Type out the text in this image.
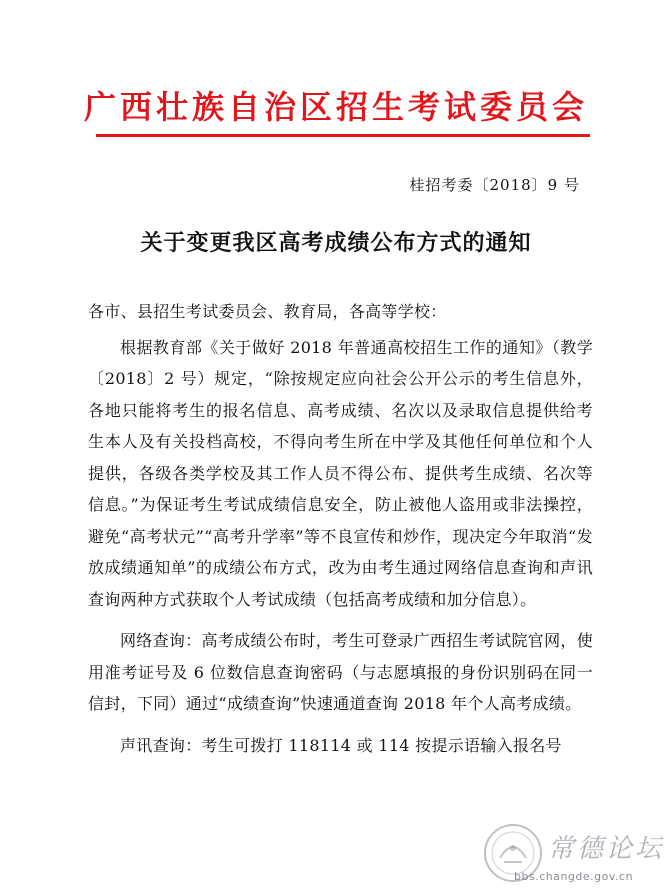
广西壮族自治区招生考试委员会
桂招考委〔2018〕9 号
关于变更我区高考成绩公布方式的通知

各市、县招生考试委员会、教育局，各高等学校：

根据教育部《关于做好 2018 年普通高校招生工作的通知》（教学〔2018〕2 号）规定，“除按规定应向社会公开公示的考生信息外，各地只能将考生的报名信息、高考成绩、名次以及录取信息提供给考生本人及有关投档高校，不得向考生所在中学及其他任何单位和个人提供，各级各类学校及其工作人员不得公布、提供考生成绩、名次等信息。”为保证考生考试成绩信息安全，防止被他人盗用或非法操控，避免“高考状元”“高考升学率”等不良宣传和炒作，现决定今年取消“发放成绩通知单”的成绩公布方式，改为由考生通过网络信息查询和声讯查询两种方式获取个人考试成绩（包括高考成绩和加分信息）。

网络查询：高考成绩公布时，考生可登录广西招生考试院官网，使用准考证号及 6 位数信息查询密码（与志愿填报的身份识别码在同一信封，下同）通过“成绩查询”快速通道查询 2018 年个人高考成绩。

声讯查询：考生可拨打 118114 或 114 按提示语输入报名号

常德论坛
bbs.changde.gov.cn
